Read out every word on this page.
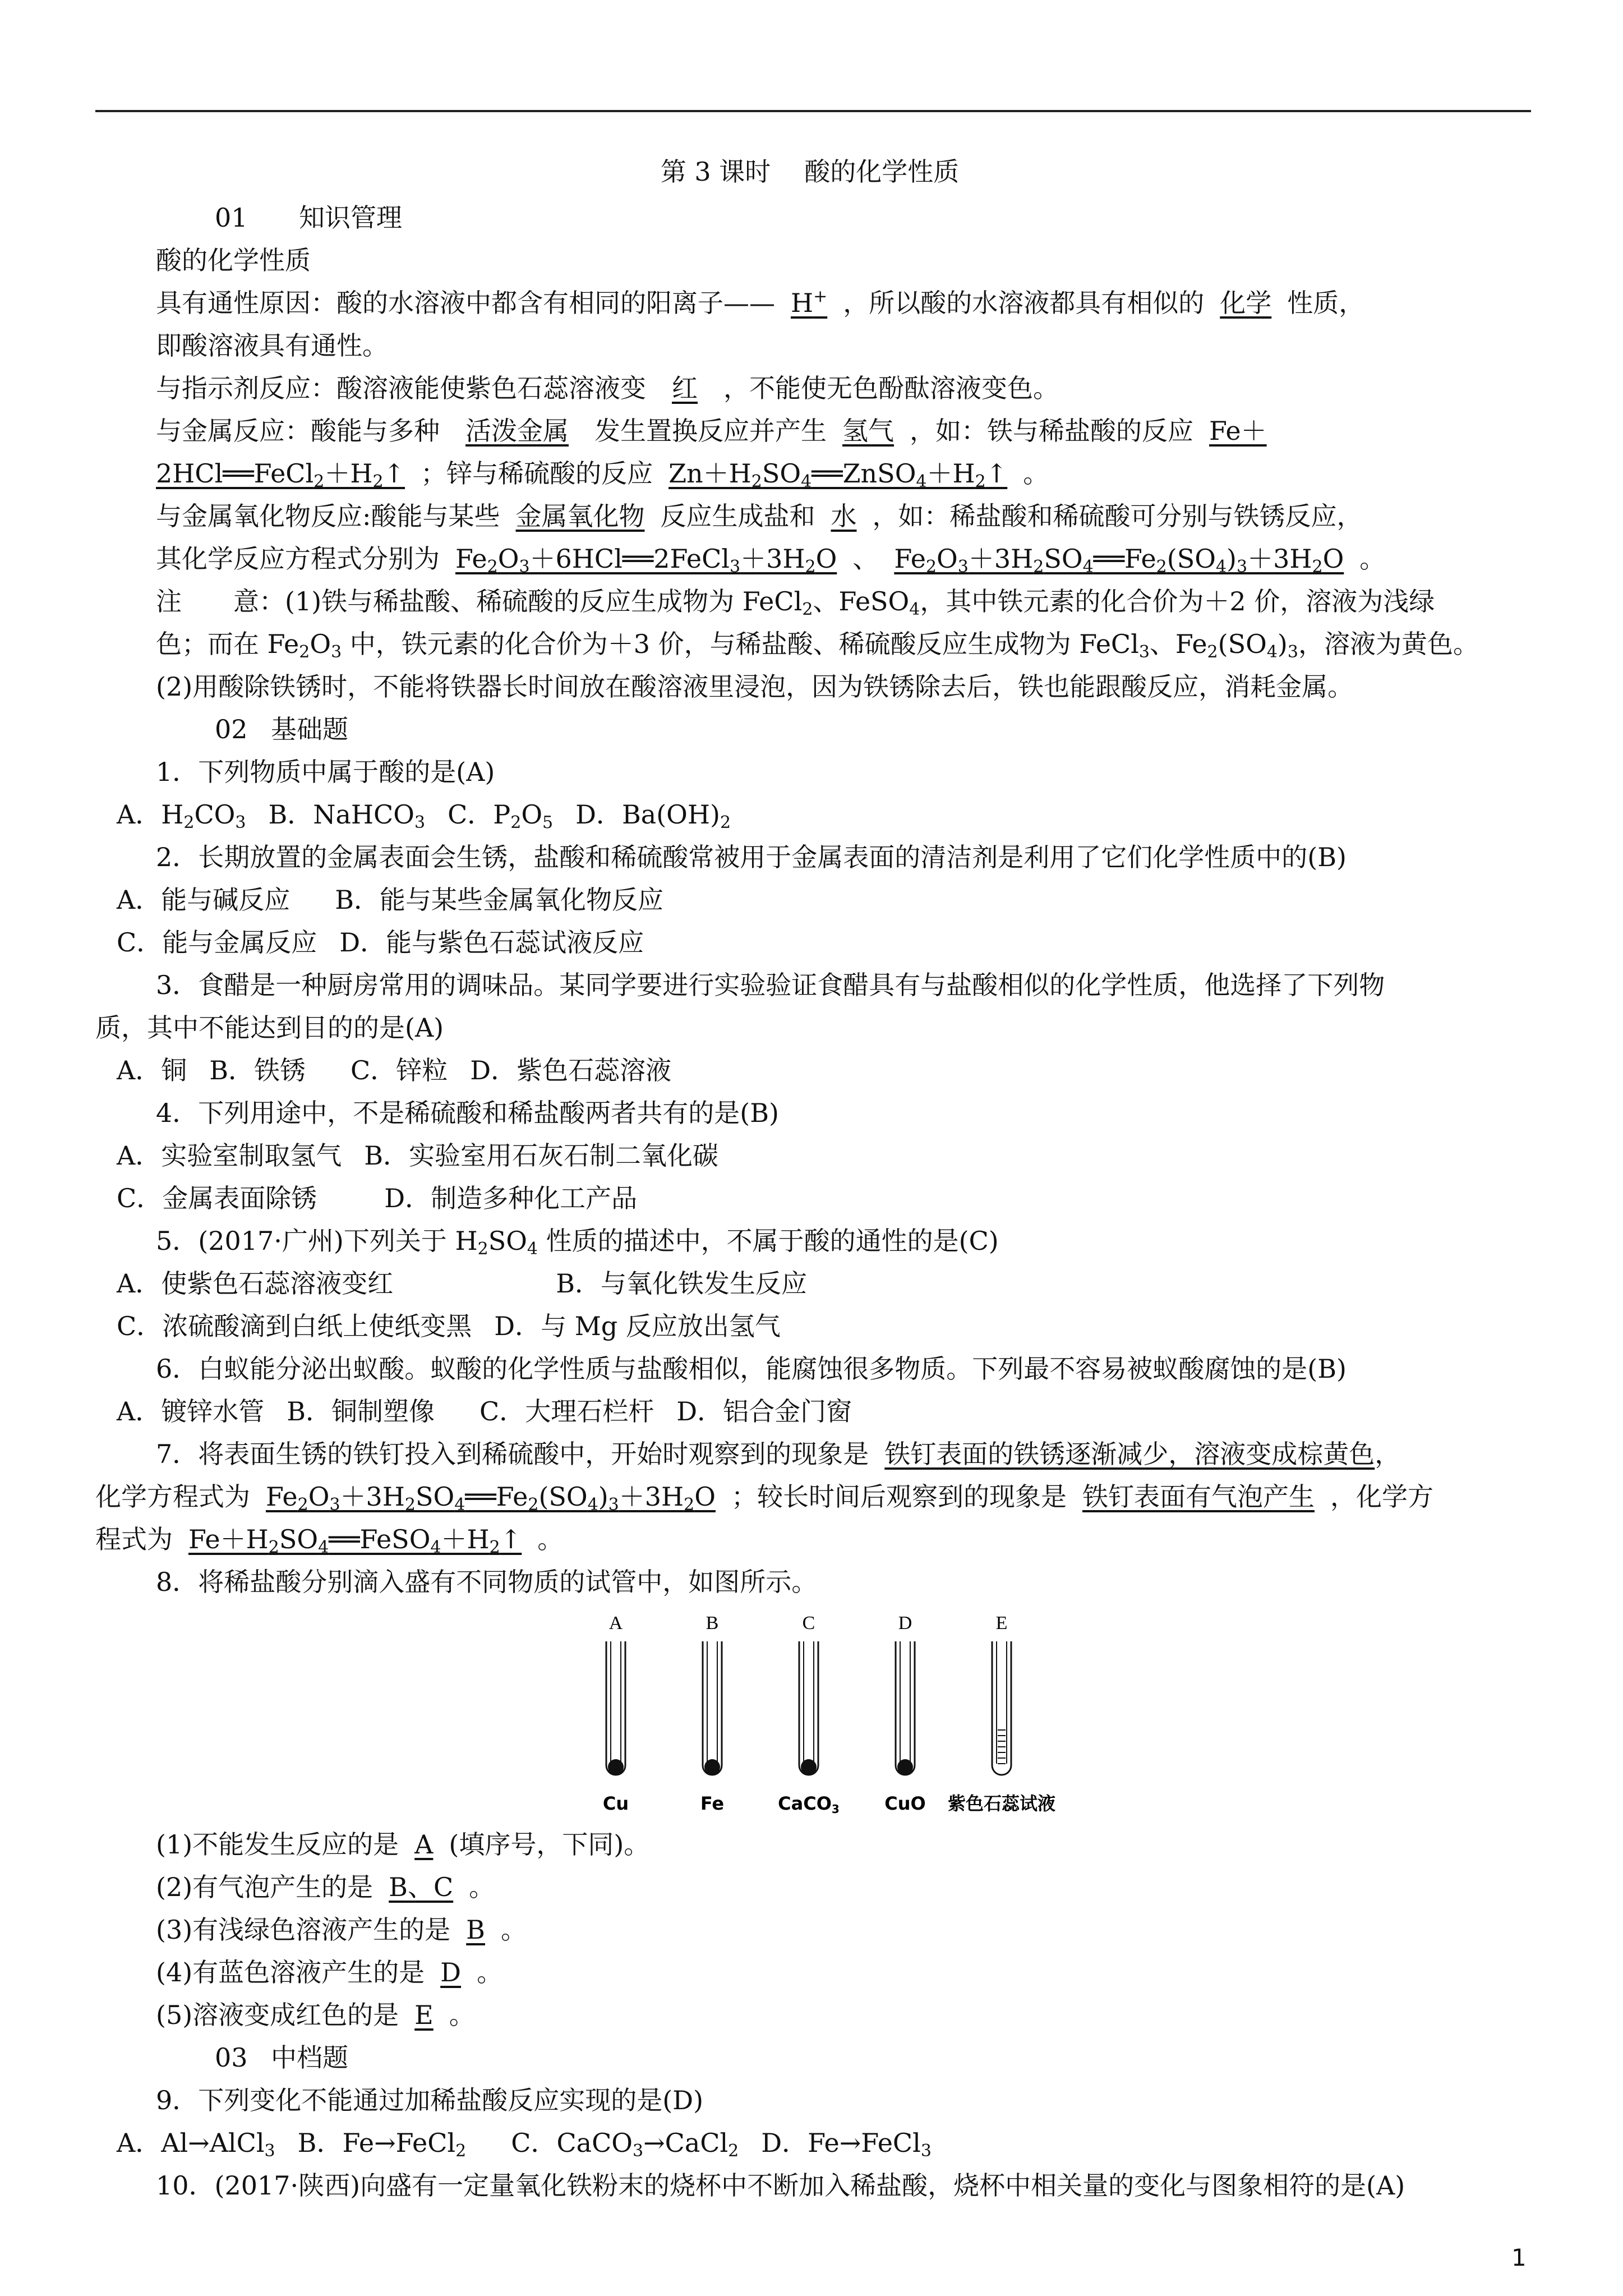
第 3 课时 酸的化学性质

01 知识管理

酸的化学性质

具有通性原因：酸的水溶液中都含有相同的阳离子—— H+ ，所以酸的水溶液都具有相似的 化学 性质，
即酸溶液具有通性。

与指示剂反应：酸溶液能使紫色石蕊溶液变 红 ，不能使无色酚酞溶液变色。

与金属反应：酸能与多种 活泼金属 发生置换反应并产生 氢气 ，如：铁与稀盐酸的反应 Fe＋
$2HCl══FeCl_2+H_2↑$ ；锌与稀硫酸的反应 $Zn+H_2SO_4══ZnSO_4+H_2↑$ 。

与金属氧化物反应:酸能与某些 金属氧化物 反应生成盐和 水 ，如：稀盐酸和稀硫酸可分别与铁锈反应，
其化学反应方程式分别为 $Fe_2O_3+6HCl══2FeCl_3+3H_2O$ 、 $Fe_2O_3+3H_2SO_4══Fe_2(SO_4)_3+3H_2O$ 。

注　　意：(1)铁与稀盐酸、稀硫酸的反应生成物为 FeCl$_2$、FeSO$_4$，其中铁元素的化合价为＋2 价，溶液为浅绿
色；而在 $Fe_2O_3$ 中，铁元素的化合价为＋3 价，与稀盐酸、稀硫酸反应生成物为 FeCl$_3$、$Fe_2(SO_4)_3$，溶液为黄色。

(2)用酸除铁锈时，不能将铁器长时间放在酸溶液里浸泡，因为铁锈除去后，铁也能跟酸反应，消耗金属。

02 基础题

1．下列物质中属于酸的是(A)

A．$H_2CO_3$ B．NaHCO$_3$ C．$P_2O_5$ D．$Ba(OH)_2$

2．长期放置的金属表面会生锈，盐酸和稀硫酸常被用于金属表面的清洁剂是利用了它们化学性质中的(B)

A．能与碱反应 B．能与某些金属氧化物反应

C．能与金属反应 D．能与紫色石蕊试液反应

3．食醋是一种厨房常用的调味品。某同学要进行实验验证食醋具有与盐酸相似的化学性质，他选择了下列物
质，其中不能达到目的的是(A)

A．铜 B．铁锈 C．锌粒 D．紫色石蕊溶液

4．下列用途中，不是稀硫酸和稀盐酸两者共有的是(B)

A．实验室制取氢气 B．实验室用石灰石制二氧化碳

C．金属表面除锈	D．制造多种化工产品

5．(2017·广州)下列关于 $H_2SO_4$ 性质的描述中，不属于酸的通性的是(C)

A．使紫色石蕊溶液变红	B．与氧化铁发生反应

C．浓硫酸滴到白纸上使纸变黑 D．与 Mg 反应放出氢气

6．白蚁能分泌出蚁酸。蚁酸的化学性质与盐酸相似，能腐蚀很多物质。下列最不容易被蚁酸腐蚀的是(B)

A．镀锌水管 B．铜制塑像 C．大理石栏杆 D．铝合金门窗

7．将表面生锈的铁钉投入到稀硫酸中，开始时观察到的现象是 铁钉表面的铁锈逐渐减少，溶液变成棕黄色，
化学方程式为 $Fe_2O_3+3H_2SO_4══Fe_2(SO_4)_3+3H_2O$ ；较长时间后观察到的现象是 铁钉表面有气泡产生 ，化学方
程式为 $Fe+H_2SO_4══FeSO_4+H_2↑$ 。

8．将稀盐酸分别滴入盛有不同物质的试管中，如图所示。

A
Cu
B
Fe
C
CaCO3
D
CuO
E
紫色石蕊试液

(1)不能发生反应的是 A (填序号，下同)。

(2)有气泡产生的是 B、C 。

(3)有浅绿色溶液产生的是 B 。

(4)有蓝色溶液产生的是 D 。

(5)溶液变成红色的是 E 。

03 中档题

9．下列变化不能通过加稀盐酸反应实现的是(D)

A．Al→AlCl$_3$ B．Fe→FeCl$_2$ C．CaCO$_3$→CaCl$_2$ D．Fe→FeCl$_3$

10．(2017·陕西)向盛有一定量氧化铁粉末的烧杯中不断加入稀盐酸，烧杯中相关量的变化与图象相符的是(A)

1
